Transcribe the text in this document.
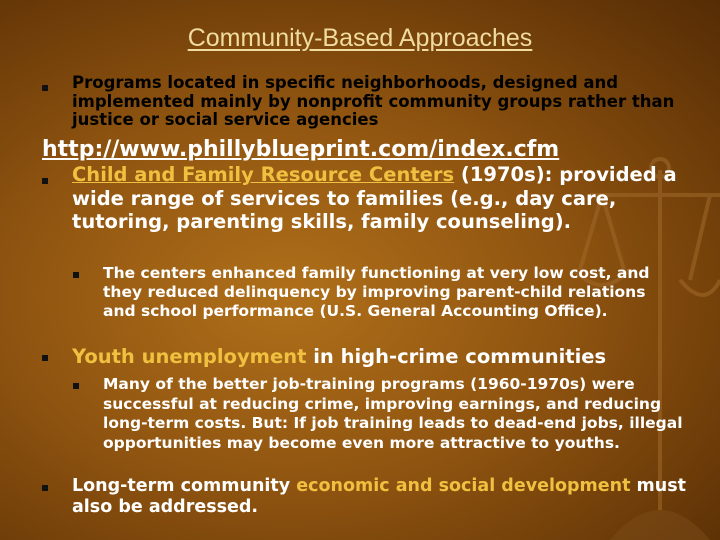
Community-Based Approaches
Programs located in specific neighborhoods, designed and implemented mainly by nonprofit community groups rather than justice or social service agencies
http://www.phillyblueprint.com/index.cfm
Child and Family Resource Centers (1970s): provided a wide range of services to families (e.g., day care, tutoring, parenting skills, family counseling).
The centers enhanced family functioning at very low cost, and they reduced delinquency by improving parent-child relations and school performance (U.S. General Accounting Office).
Youth unemployment in high-crime communities
Many of the better job-training programs (1960-1970s) were successful at reducing crime, improving earnings, and reducing long-term costs. But: If job training leads to dead-end jobs, illegal opportunities may become even more attractive to youths.
Long-term community economic and social development must also be addressed.
